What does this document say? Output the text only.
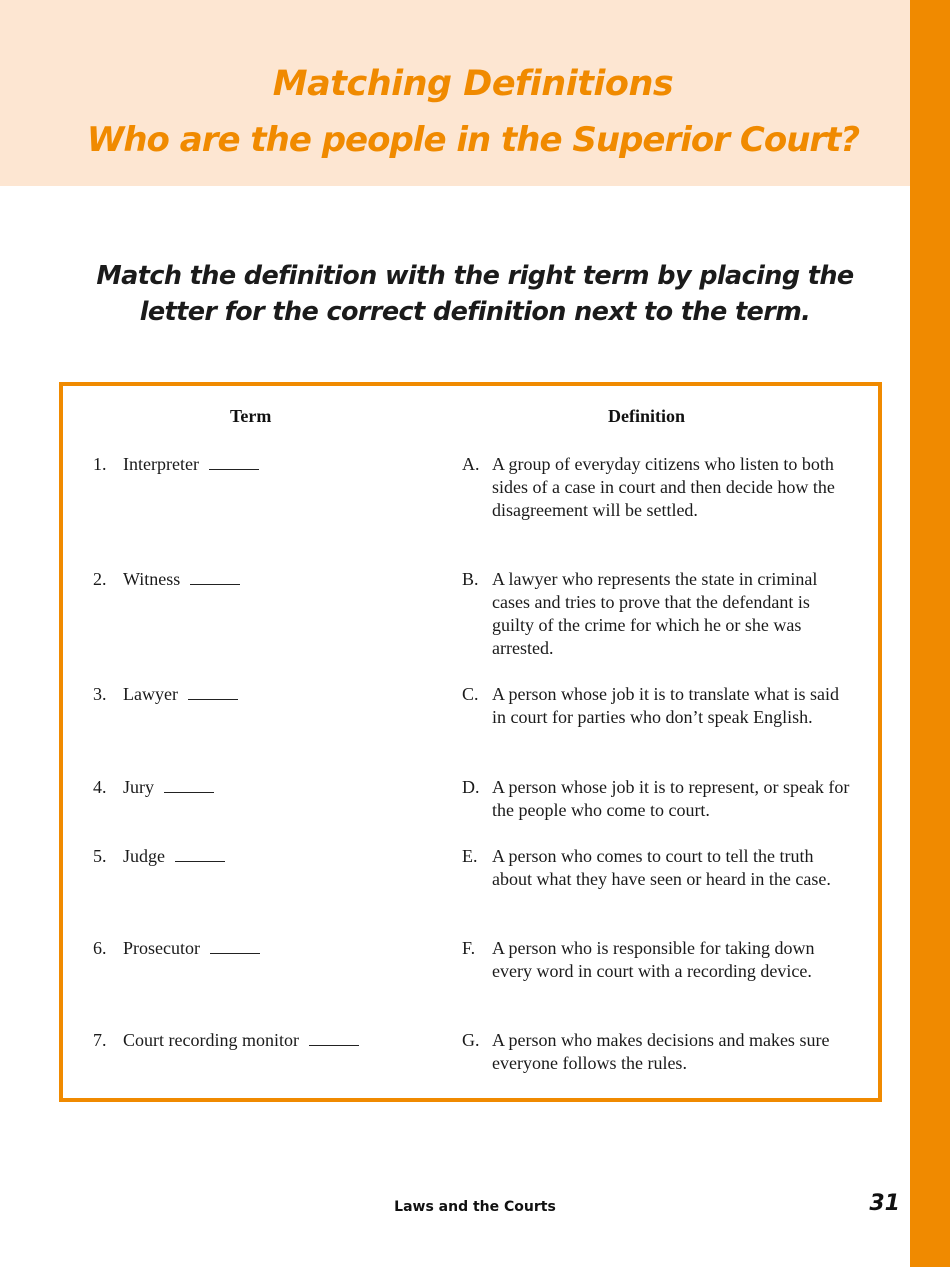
Matching Definitions
Who are the people in the Superior Court?
Match the definition with the right term by placing the letter for the correct definition next to the term.
Term	Definition
1. Interpreter	A. A group of everyday citizens who listen to both sides of a case in court and then decide how the disagreement will be settled.
2. Witness	B. A lawyer who represents the state in criminal cases and tries to prove that the defendant is guilty of the crime for which he or she was arrested.
3. Lawyer	C. A person whose job it is to translate what is said in court for parties who don’t speak English.
4. Jury	D. A person whose job it is to represent, or speak for the people who come to court.
5. Judge	E. A person who comes to court to tell the truth about what they have seen or heard in the case.
6. Prosecutor	F. A person who is responsible for taking down every word in court with a recording device.
7. Court recording monitor	G. A person who makes decisions and makes sure everyone follows the rules.
Laws and the Courts	31
